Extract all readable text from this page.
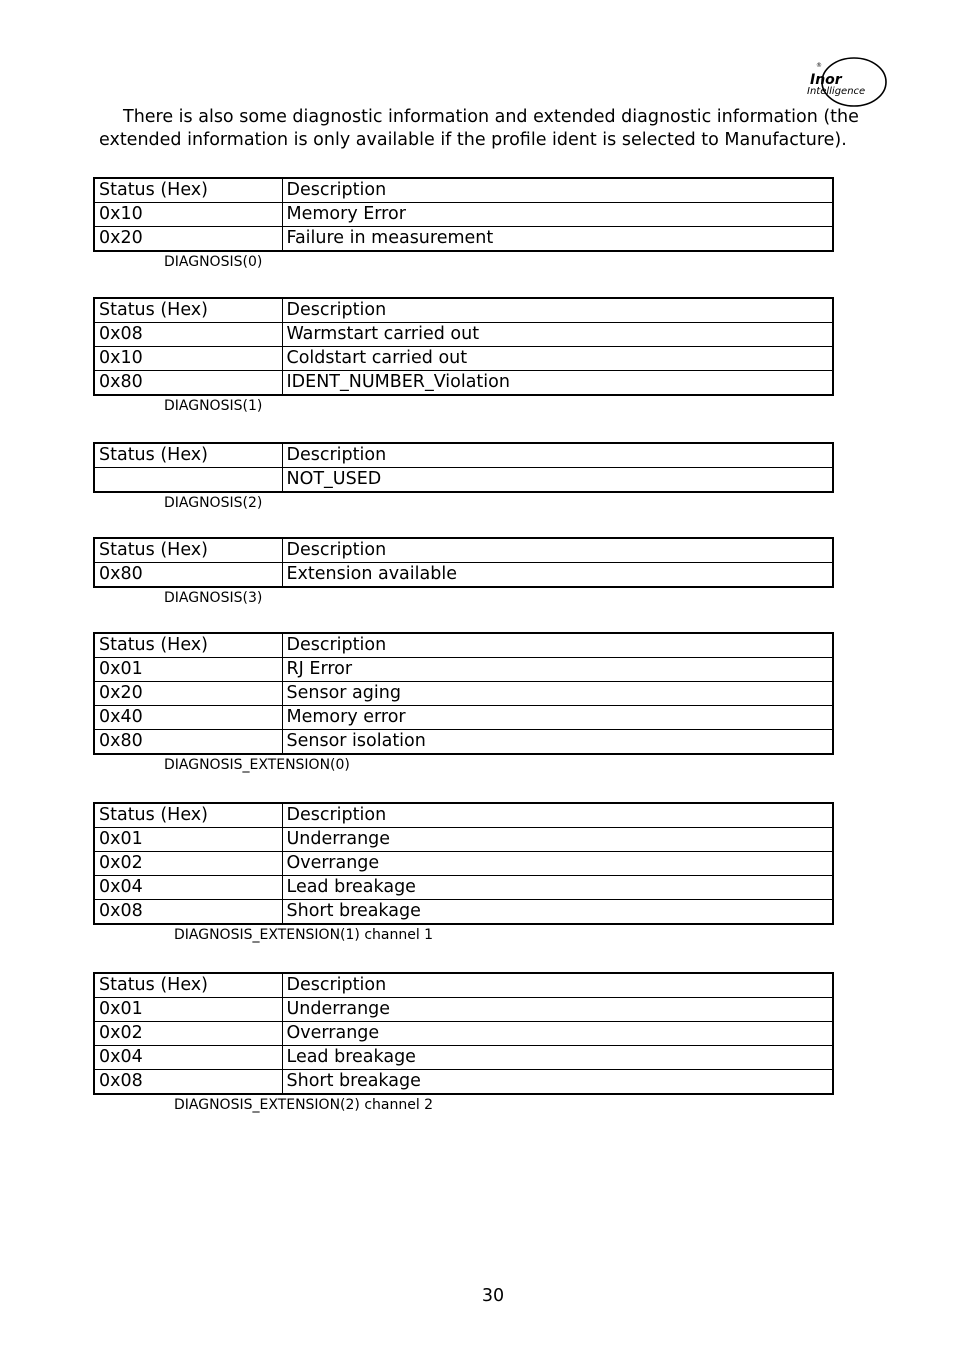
Inor
Intelligence
®

There is also some diagnostic information and extended diagnostic information (the
extended information is only available if the profile ident is selected to Manufacture).

Status (Hex)	Description
0x10	Memory Error
0x20	Failure in measurement
DIAGNOSIS(0)
Status (Hex)	Description
0x08	Warmstart carried out
0x10	Coldstart carried out
0x80	IDENT_NUMBER_Violation
DIAGNOSIS(1)
Status (Hex)	Description
	NOT_USED
DIAGNOSIS(2)
Status (Hex)	Description
0x80	Extension available
DIAGNOSIS(3)
Status (Hex)	Description
0x01	RJ Error
0x20	Sensor aging
0x40	Memory error
0x80	Sensor isolation
DIAGNOSIS_EXTENSION(0)
Status (Hex)	Description
0x01	Underrange
0x02	Overrange
0x04	Lead breakage
0x08	Short breakage
DIAGNOSIS_EXTENSION(1) channel 1
Status (Hex)	Description
0x01	Underrange
0x02	Overrange
0x04	Lead breakage
0x08	Short breakage
DIAGNOSIS_EXTENSION(2) channel 2
30
